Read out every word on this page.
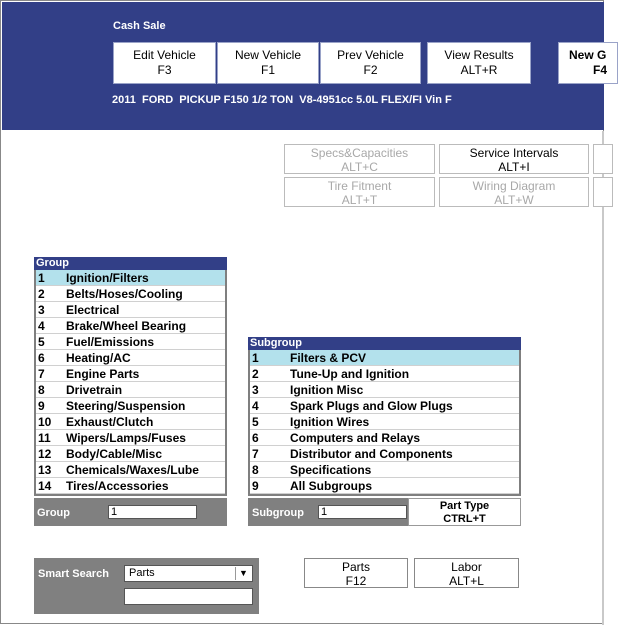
Cash Sale
Edit Vehicle
F3
New Vehicle
F1
Prev Vehicle
F2
View Results
ALT+R
New G
F4
2011  FORD  PICKUP F150 1/2 TON  V8-4951cc 5.0L FLEX/FI Vin F
Specs&Capacities
ALT+C
Service Intervals
ALT+I
Tire Fitment
ALT+T
Wiring Diagram
ALT+W
Group
1 Ignition/Filters
2 Belts/Hoses/Cooling
3 Electrical
4 Brake/Wheel Bearing
5 Fuel/Emissions
6 Heating/AC
7 Engine Parts
8 Drivetrain
9 Steering/Suspension
10 Exhaust/Clutch
11 Wipers/Lamps/Fuses
12 Body/Cable/Misc
13 Chemicals/Waxes/Lube
14 Tires/Accessories
Group
1
Subgroup
1	Filters & PCV
2	Tune-Up and Ignition
3	Ignition Misc
4	Spark Plugs and Glow Plugs
5	Ignition Wires
6	Computers and Relays
7	Distributor and Components
8	Specifications
9	All Subgroups
Subgroup
1
Part Type
CTRL+T
Smart Search	Parts	▼	Parts
F12
Labor
ALT+L
